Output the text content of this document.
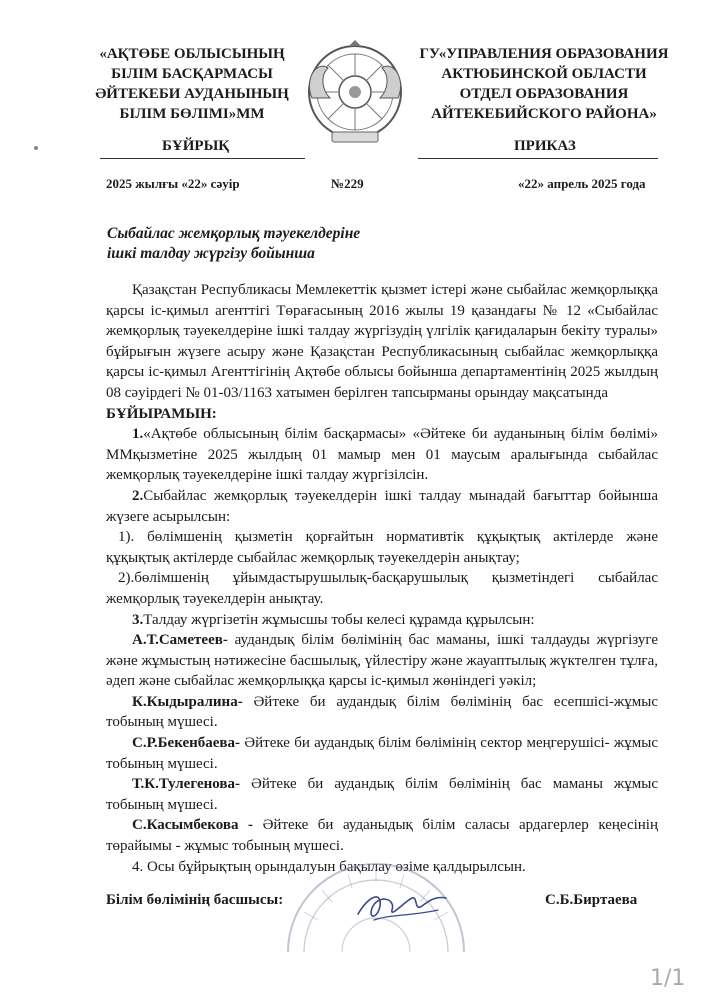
«АҚТӨБЕ ОБЛЫСЫНЫҢ
БІЛІМ БАСҚАРМАСЫ
ӘЙТЕКЕБИ АУДАНЫНЫҢ
БІЛІМ БӨЛІМІ»ММ
ГУ«УПРАВЛЕНИЯ ОБРАЗОВАНИЯ
АКТЮБИНСКОЙ ОБЛАСТИ
ОТДЕЛ ОБРАЗОВАНИЯ
АЙТЕКЕБИЙСКОГО РАЙОНА»
БҰЙРЫҚ	ПРИКАЗ
2025 жылғы «22» сәуір	№229	«22» апрель 2025 года
Сыбайлас жемқорлық тәуекелдеріне
ішкі талдау жүргізу бойынша

Қазақстан Республикасы Мемлекеттік қызмет істері және сыбайлас жемқорлыққа қарсы іс-қимыл агенттігі Төрағасының 2016 жылы 19 қазандағы № 12 «Сыбайлас жемқорлық тәуекелдеріне ішкі талдау жүргізудің үлгілік қағидаларын бекіту туралы» бұйрығын жүзеге асыру және Қазақстан Республикасының сыбайлас жемқорлыққа қарсы іс-қимыл Агенттігінің Ақтөбе облысы бойынша департаментінің 2025 жылдың 08 сәуірдегі № 01-03/1163 хатымен берілген тапсырманы орындау мақсатында

БҰЙЫРАМЫН:

1.«Ақтөбе облысының білім басқармасы» «Әйтеке би ауданының білім бөлімі» ММқызметіне 2025 жылдың 01 мамыр мен 01 маусым аралығында сыбайлас жемқорлық тәуекелдеріне ішкі талдау жүргізілсін.

2.Сыбайлас жемқорлық тәуекелдерін ішкі талдау мынадай бағыттар бойынша жүзеге асырылсын:

1). бөлімшенің қызметін қорғайтын нормативтік құқықтық актілерде және құқықтық актілерде сыбайлас жемқорлық тәуекелдерін анықтау;

2).бөлімшенің ұйымдастырушылық-басқарушылық қызметіндегі сыбайлас жемқорлық тәуекелдерін анықтау.

3.Талдау жүргізетін жұмысшы тобы келесі құрамда құрылсын:

А.Т.Саметеев- аудандық білім бөлімінің бас маманы, ішкі талдауды жүргізуге және жұмыстың нәтижесіне басшылық, үйлестіру және жауаптылық жүктелген тұлға, әдеп және сыбайлас жемқорлыққа қарсы іс-қимыл жөніндегі уәкіл;

К.Кыдыралина- Әйтеке би аудандық білім бөлімінің бас есепшісі-жұмыс тобының мүшесі.

С.Р.Бекенбаева- Әйтеке би аудандық білім бөлімінің сектор меңгерушісі- жұмыс тобының мүшесі.

Т.К.Тулегенова- Әйтеке би аудандық білім бөлімінің бас маманы жұмыс тобының мүшесі.

С.Касымбекова - Әйтеке би ауданыдық білім саласы ардагерлер кеңесінің төрайымы - жұмыс тобының мүшесі.

4. Осы бұйрықтың орындалуын бақылау өзіме қалдырылсын.

Білім бөлімінің басшысы:	С.Б.Биртаева
1/1
